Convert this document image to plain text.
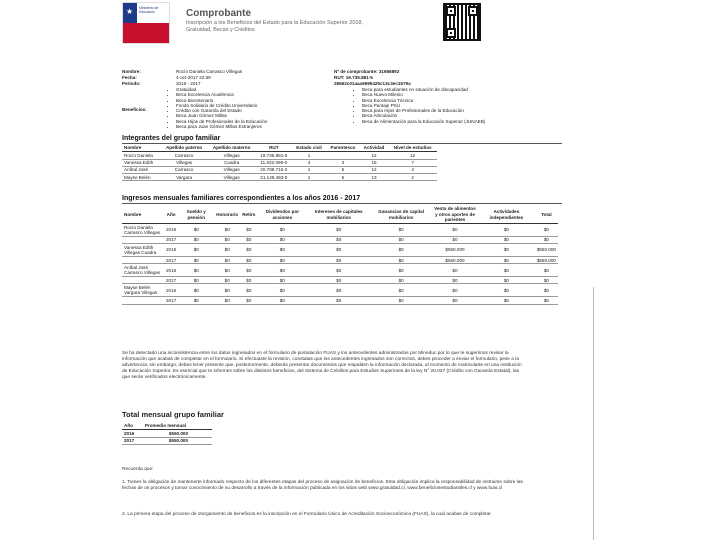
★ Ministerio de Educación	Comprobante
Inscripción a los Beneficios del Estado para la Educación Superior 2018,
Gratuidad, Becas y Créditos
Nombre:	Rocío Daniela Carrasco Villegas
Fecha:	4-oct-2017 22:59
Periodo:	2016 - 2017
Nº de comprobante: 31656892
RUT: 19.735.881-5
28662c01aaa6995425c13c3ec1579a
Beneficios:
• Gratuidad
• Beca Excelencia Académica
• Beca Bicentenario
• Fondo Solidario de Crédito Universitario
• Crédito con Garantía del Estado
• Beca Juan Gómez Millas
• Beca Hijos de Profesionales de la Educación
• Beca para Juan Gómez Millas Extranjeros
• Beca para estudiantes en situación de discapacidad
• Beca Nuevo Milenio
• Beca Excelencia Técnica
• Beca Puntaje PSU
• Beca para Hijos de Profesionales de la Educación
• Beca Articulación
• Beca de Alimentación para la Educación Superior (JUNAEB)
Integrantes del grupo familiar
Nombre	Apellido paterno	Apellido materno	RUT	Estado civil	Parentesco	Actividad	Nivel de estudios
Rocío Daniela	Carrasco	Villegas	19.735.881-5	1		12	12
Vanessa Edith	Villegas	Cuadra	11.632.069-0	4	3	15	7
Aníbal José	Carrasco	Villegas	20.788.715-2	1	5	12	4
Mayse Belén	Vargara	Villegas	21.149.483-0	1	5	13	2
Ingresos mensuales familiares correspondientes a los años 2016 - 2017
Nombre	Año	Sueldo y pensión	Honorario	Retiro	Dividendos por acciones	Intereses de capitales mobiliarios	Ganancias de capital mobiliarios	Venta de alimentos y otros aportes de parientes	Actividades independientes	Total
Rocío Daniela Carrasco Villegas	2016	$0	$0	$0	$0	$0	$0	$0	$0	$0
	2017	$0	$0	$0	$0	$0	$0	$0	$0	$0
Vanessa Edith Villegas Cuadra	2016	$0	$0	$0	$0	$0	$0	$550.000	$0	$550.000
	2017	$0	$0	$0	$0	$0	$0	$550.000	$0	$550.000
Aníbal José Carrasco Villegas	2016	$0	$0	$0	$0	$0	$0	$0	$0	$0
	2017	$0	$0	$0	$0	$0	$0	$0	$0	$0
Mayse Belén Vargara Villegas	2016	$0	$0	$0	$0	$0	$0	$0	$0	$0
	2017	$0	$0	$0	$0	$0	$0	$0	$0	$0
Se ha detectado una inconsistencia entre los datos ingresados en el formulario de postulación FUAS y los antecedentes administrados por Mineduc por lo que te sugerimos revisar la información que acabas de completar en el formulario. Si efectuaste la revisión, constatas que los antecedentes ingresados son correctos, debes proceder a enviar el formulario, pese a la advertencia; sin embargo, debes tener presente que, posteriormente, deberás presentar documentos que respalden la información declarada, al momento de matricularte en una institución de Educación Superior. Es esencial que te informes sobre los distintos beneficios, del Sistema de Créditos para Estudios Superiores de la ley N° 20.027 (Crédito con Garantía Estatal), las que serán verificados electrónicamente.
Total mensual grupo familiar
Año	Promedio mensual
2016	$550.000
2017	$550.000
Recuerda que:
1. Tienes la obligación de mantenerte informado respecto de los diferentes etapas del proceso de asignación de beneficios. Esta obligación implica la responsabilidad de instruirse sobre las fechas de os procesos y tomar conocimiento de su desarrollo a través de la información publicada en los sitios web www.gratuidad.cl, www.beneficiosestudiantiles.cl y www.fuas.cl
2. La primera etapa del proceso de otorgamiento de beneficios es la inscripción en el Formulario Único de Acreditación Socioeconómica (FUAS), la cual acabas de completar.
